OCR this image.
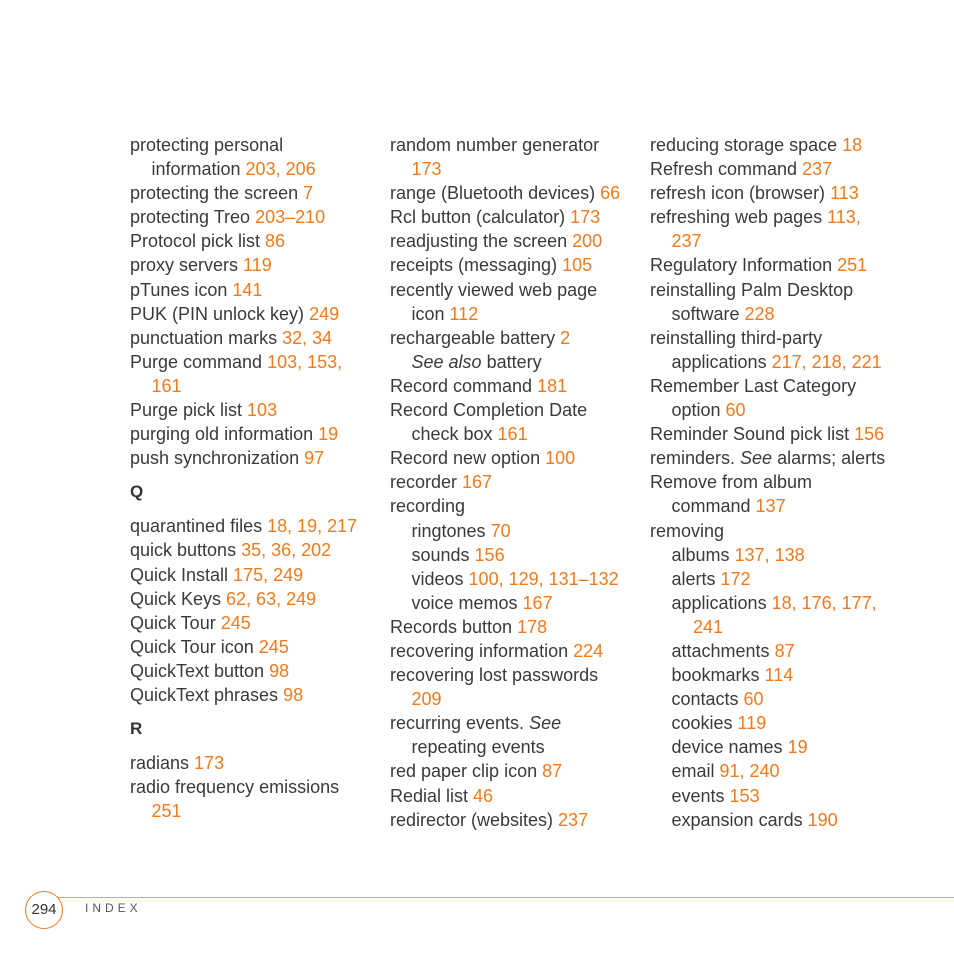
protecting personal
information 203, 206

protecting the screen 7

protecting Treo 203–210

Protocol pick list 86

proxy servers 119

pTunes icon 141

PUK (PIN unlock key) 249

punctuation marks 32, 34

Purge command 103, 153,
161

Purge pick list 103

purging old information 19

push synchronization 97

Q

quarantined files 18, 19, 217

quick buttons 35, 36, 202

Quick Install 175, 249

Quick Keys 62, 63, 249

Quick Tour 245

Quick Tour icon 245

QuickText button 98

QuickText phrases 98

R

radians 173

radio frequency emissions
251

random number generator
173

range (Bluetooth devices) 66

Rcl button (calculator) 173

readjusting the screen 200

receipts (messaging) 105

recently viewed web page
icon 112

rechargeable battery 2
See also battery

Record command 181

Record Completion Date
check box 161

Record new option 100

recorder 167

recording

ringtones 70

sounds 156

videos 100, 129, 131–132

voice memos 167

Records button 178

recovering information 224

recovering lost passwords
209

recurring events. See
repeating events

red paper clip icon 87

Redial list 46

redirector (websites) 237

reducing storage space 18

Refresh command 237

refresh icon (browser) 113

refreshing web pages 113,
237

Regulatory Information 251

reinstalling Palm Desktop
software 228

reinstalling third-party
applications 217, 218, 221

Remember Last Category
option 60

Reminder Sound pick list 156

reminders. See alarms; alerts

Remove from album
command 137

removing

albums 137, 138

alerts 172

applications 18, 176, 177,
241

attachments 87

bookmarks 114

contacts 60

cookies 119

device names 19

email 91, 240

events 153

expansion cards 190

294	INDEX
